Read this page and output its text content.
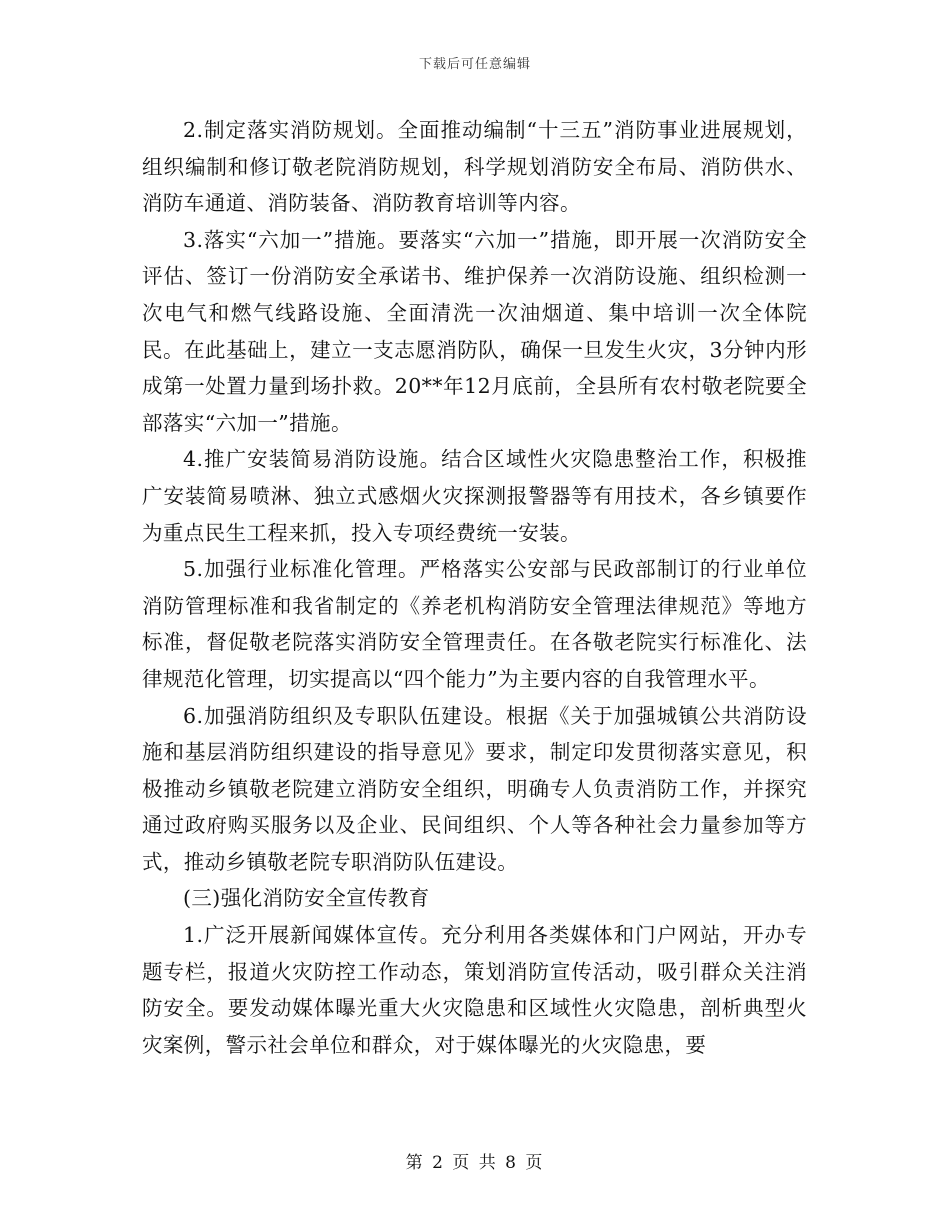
下载后可任意编辑

2.制定落实消防规划。全面推动编制“十三五”消防事业进展规划，组织编制和修订敬老院消防规划，科学规划消防安全布局、消防供水、消防车通道、消防装备、消防教育培训等内容。

3.落实“六加一”措施。要落实“六加一”措施，即开展一次消防安全评估、签订一份消防安全承诺书、维护保养一次消防设施、组织检测一次电气和燃气线路设施、全面清洗一次油烟道、集中培训一次全体院民。在此基础上，建立一支志愿消防队，确保一旦发生火灾，3分钟内形成第一处置力量到场扑救。20**年12月底前，全县所有农村敬老院要全部落实“六加一”措施。

4.推广安装简易消防设施。结合区域性火灾隐患整治工作，积极推广安装简易喷淋、独立式感烟火灾探测报警器等有用技术，各乡镇要作为重点民生工程来抓，投入专项经费统一安装。

5.加强行业标准化管理。严格落实公安部与民政部制订的行业单位消防管理标准和我省制定的《养老机构消防安全管理法律规范》等地方标准，督促敬老院落实消防安全管理责任。在各敬老院实行标准化、法律规范化管理，切实提高以“四个能力”为主要内容的自我管理水平。

6.加强消防组织及专职队伍建设。根据《关于加强城镇公共消防设施和基层消防组织建设的指导意见》要求，制定印发贯彻落实意见，积极推动乡镇敬老院建立消防安全组织，明确专人负责消防工作，并探究通过政府购买服务以及企业、民间组织、个人等各种社会力量参加等方式，推动乡镇敬老院专职消防队伍建设。

(三)强化消防安全宣传教育

1.广泛开展新闻媒体宣传。充分利用各类媒体和门户网站，开办专题专栏，报道火灾防控工作动态，策划消防宣传活动，吸引群众关注消防安全。要发动媒体曝光重大火灾隐患和区域性火灾隐患，剖析典型火灾案例，警示社会单位和群众，对于媒体曝光的火灾隐患，要

第 2 页 共 8 页
